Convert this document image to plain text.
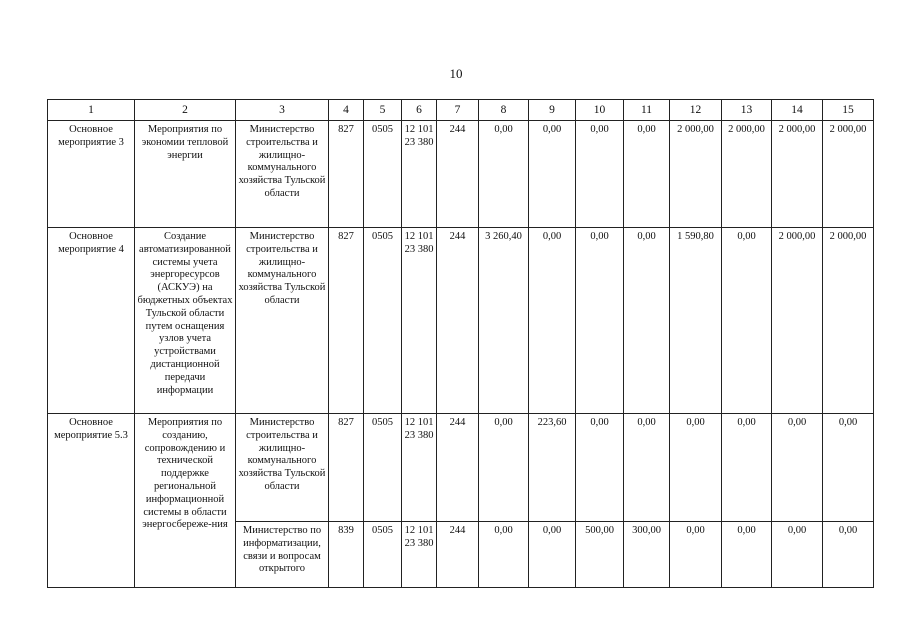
10
1	2	3	4	5	6	7	8	9	10	11	12	13	14	15
Основное мероприятие 3	Мероприятия по экономии тепловой энергии	Министерство строительства и жилищно-коммунального хозяйства Тульской области	827	0505	12 101 23 380	244	0,00	0,00	0,00	0,00	2 000,00	2 000,00	2 000,00	2 000,00
Основное мероприятие 4	Создание автоматизированной системы учета энергоресурсов (АСКУЭ) на бюджетных объектах Тульской области путем оснащения узлов учета устройствами дистанционной передачи информации	Министерство строительства и жилищно-коммунального хозяйства Тульской области	827	0505	12 101 23 380	244	3 260,40	0,00	0,00	0,00	1 590,80	0,00	2 000,00	2 000,00
Основное мероприятие 5.3	Мероприятия по созданию, сопровождению и технической поддержке региональной информационной системы в области энергосбереже-ния	Министерство строительства и жилищно-коммунального хозяйства Тульской области	827	0505	12 101 23 380	244	0,00	223,60	0,00	0,00	0,00	0,00	0,00	0,00
		Министерство по информатизации, связи и вопросам открытого	839	0505	12 101 23 380	244	0,00	0,00	500,00	300,00	0,00	0,00	0,00	0,00
